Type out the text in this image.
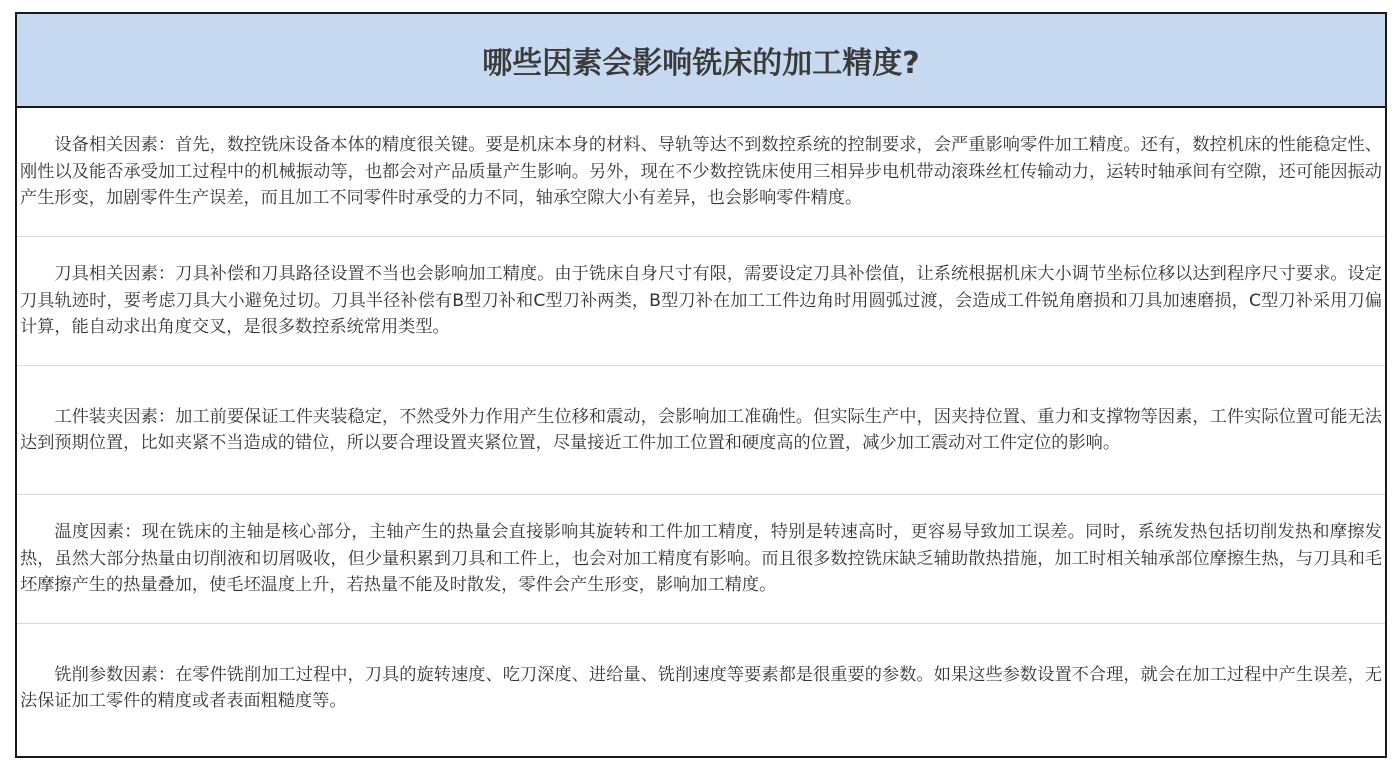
哪些因素会影响铣床的加工精度?

设备相关因素：首先，数控铣床设备本体的精度很关键。要是机床本身的材料、导轨等达不到数控系统的控制要求，会严重影响零件加工精度。还有，数控机床的性能稳定性、刚性以及能否承受加工过程中的机械振动等，也都会对产品质量产生影响。另外，现在不少数控铣床使用三相异步电机带动滚珠丝杠传输动力，运转时轴承间有空隙，还可能因振动产生形变，加剧零件生产误差，而且加工不同零件时承受的力不同，轴承空隙大小有差异，也会影响零件精度。

刀具相关因素：刀具补偿和刀具路径设置不当也会影响加工精度。由于铣床自身尺寸有限，需要设定刀具补偿值，让系统根据机床大小调节坐标位移以达到程序尺寸要求。设定刀具轨迹时，要考虑刀具大小避免过切。刀具半径补偿有B型刀补和C型刀补两类，B型刀补在加工工件边角时用圆弧过渡，会造成工件锐角磨损和刀具加速磨损，C型刀补采用刀偏计算，能自动求出角度交叉，是很多数控系统常用类型。

工件装夹因素：加工前要保证工件夹装稳定，不然受外力作用产生位移和震动，会影响加工准确性。但实际生产中，因夹持位置、重力和支撑物等因素，工件实际位置可能无法达到预期位置，比如夹紧不当造成的错位，所以要合理设置夹紧位置，尽量接近工件加工位置和硬度高的位置，减少加工震动对工件定位的影响。

温度因素：现在铣床的主轴是核心部分，主轴产生的热量会直接影响其旋转和工件加工精度，特别是转速高时，更容易导致加工误差。同时，系统发热包括切削发热和摩擦发热，虽然大部分热量由切削液和切屑吸收，但少量积累到刀具和工件上，也会对加工精度有影响。而且很多数控铣床缺乏辅助散热措施，加工时相关轴承部位摩擦生热，与刀具和毛坯摩擦产生的热量叠加，使毛坯温度上升，若热量不能及时散发，零件会产生形变，影响加工精度。

铣削参数因素：在零件铣削加工过程中，刀具的旋转速度、吃刀深度、进给量、铣削速度等要素都是很重要的参数。如果这些参数设置不合理，就会在加工过程中产生误差，无法保证加工零件的精度或者表面粗糙度等。
